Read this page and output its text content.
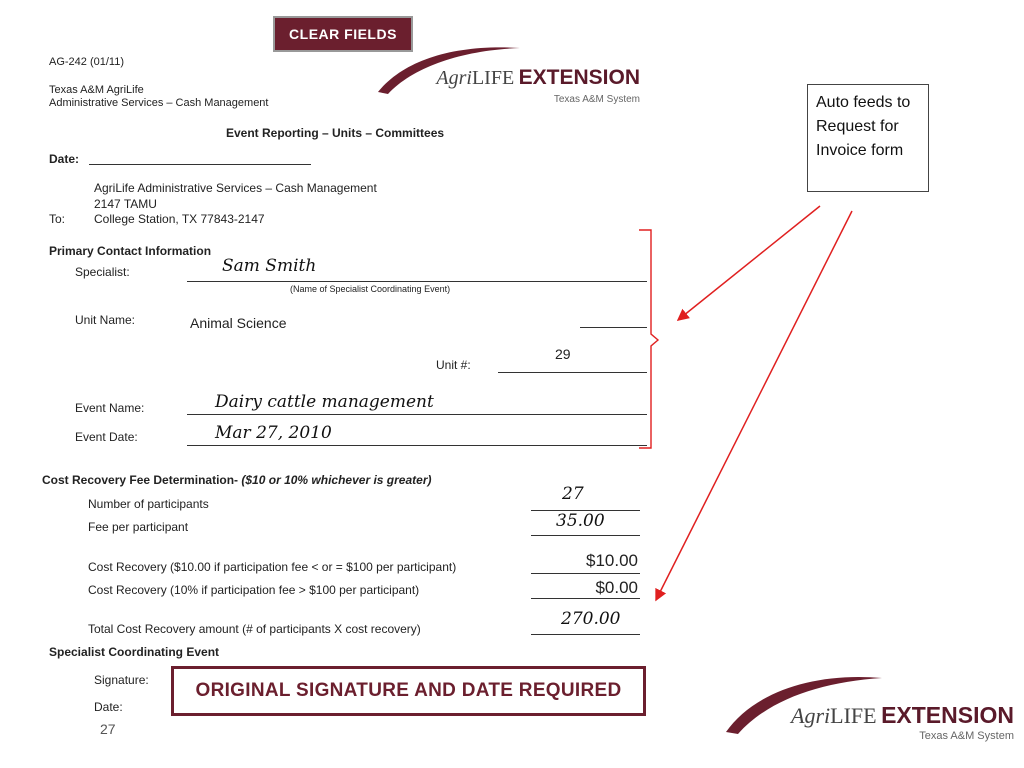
CLEAR FIELDS
AG-242 (01/11)
Texas A&M AgriLife
Administrative Services – Cash Management
AgriLIFE EXTENSION
Texas A&M System
Event Reporting – Units – Committees
Date:
AgriLife Administrative Services – Cash Management
2147 TAMU
To: College Station, TX 77843-2147
Primary Contact Information
Specialist:	Sam Smith
(Name of Specialist Coordinating Event)
Unit Name:	Animal Science
Unit #:
29
Event Name:	Dairy cattle management
Event Date:	Mar 27, 2010
Cost Recovery Fee Determination- ($10 or 10% whichever is greater)
Number of participants	27
Fee per participant	35.00
Cost Recovery ($10.00 if participation fee < or = $100 per participant)	$10.00
Cost Recovery (10% if participation fee > $100 per participant)	$0.00
Total Cost Recovery amount (# of participants X cost recovery)	270.00
Specialist Coordinating Event
Signature:
Date:
ORIGINAL SIGNATURE AND DATE REQUIRED
27
Auto feeds to Request for Invoice form
AgriLIFE EXTENSION
Texas A&M System
